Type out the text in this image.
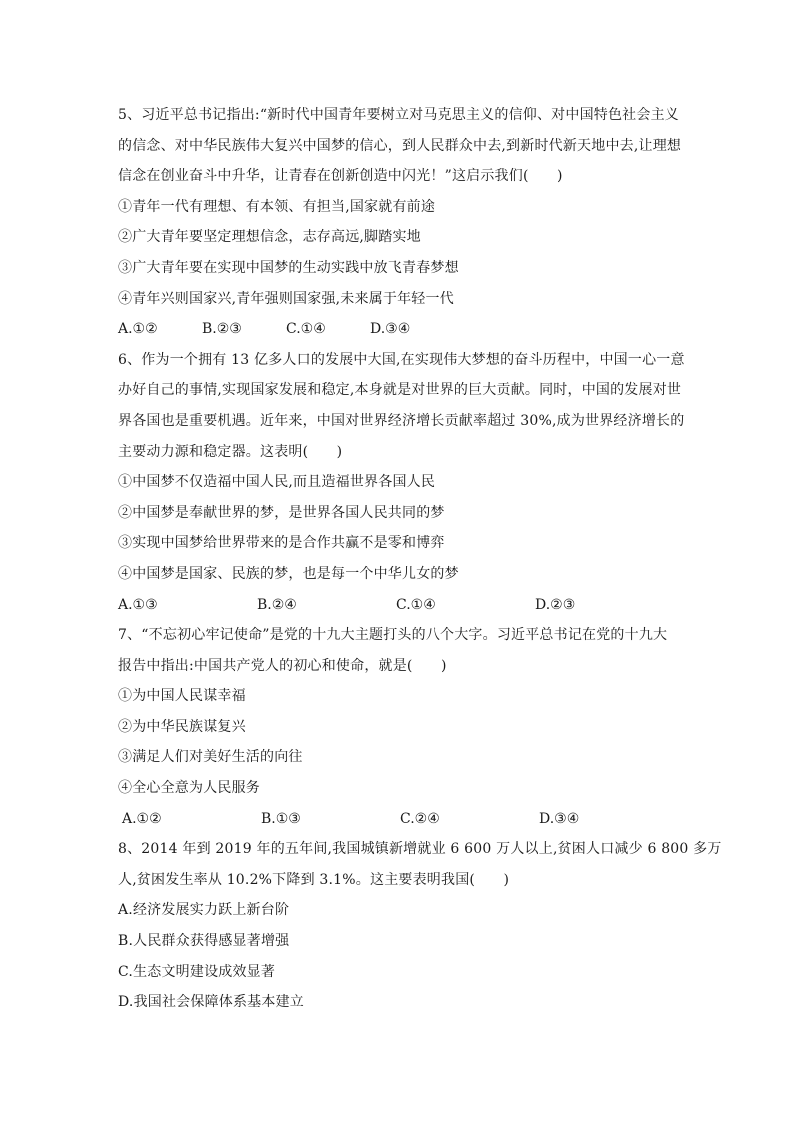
5、习近平总书记指出:“新时代中国青年要树立对马克思主义的信仰、对中国特色社会主义
的信念、对中华民族伟大复兴中国梦的信心，到人民群众中去,到新时代新天地中去,让理想
信念在创业奋斗中升华，让青春在创新创造中闪光！”这启示我们(　　)
①青年一代有理想、有本领、有担当,国家就有前途
②广大青年要坚定理想信念，志存高远,脚踏实地
③广大青年要在实现中国梦的生动实践中放飞青春梦想
④青年兴则国家兴,青年强则国家强,未来属于年轻一代
A.①②	B.②③	C.①④	D.③④
6、作为一个拥有 13 亿多人口的发展中大国,在实现伟大梦想的奋斗历程中，中国一心一意
办好自己的事情,实现国家发展和稳定,本身就是对世界的巨大贡献。同时，中国的发展对世
界各国也是重要机遇。近年来，中国对世界经济增长贡献率超过 30%,成为世界经济增长的
主要动力源和稳定器。这表明(　　)
①中国梦不仅造福中国人民,而且造福世界各国人民
②中国梦是奉献世界的梦，是世界各国人民共同的梦
③实现中国梦给世界带来的是合作共赢不是零和博弈
④中国梦是国家、民族的梦，也是每一个中华儿女的梦
A.①③	B.②④	C.①④	D.②③
7、“不忘初心牢记使命”是党的十九大主题打头的八个大字。习近平总书记在党的十九大
报告中指出:中国共产党人的初心和使命，就是(　　)
①为中国人民谋幸福
②为中华民族谋复兴
③满足人们对美好生活的向往
④全心全意为人民服务
A.①②	B.①③	C.②④	D.③④
8、2014 年到 2019 年的五年间,我国城镇新增就业 6 600 万人以上,贫困人口减少 6 800 多万
人,贫困发生率从 10.2%下降到 3.1%。这主要表明我国(　　)
A.经济发展实力跃上新台阶
B.人民群众获得感显著增强
C.生态文明建设成效显著
D.我国社会保障体系基本建立
